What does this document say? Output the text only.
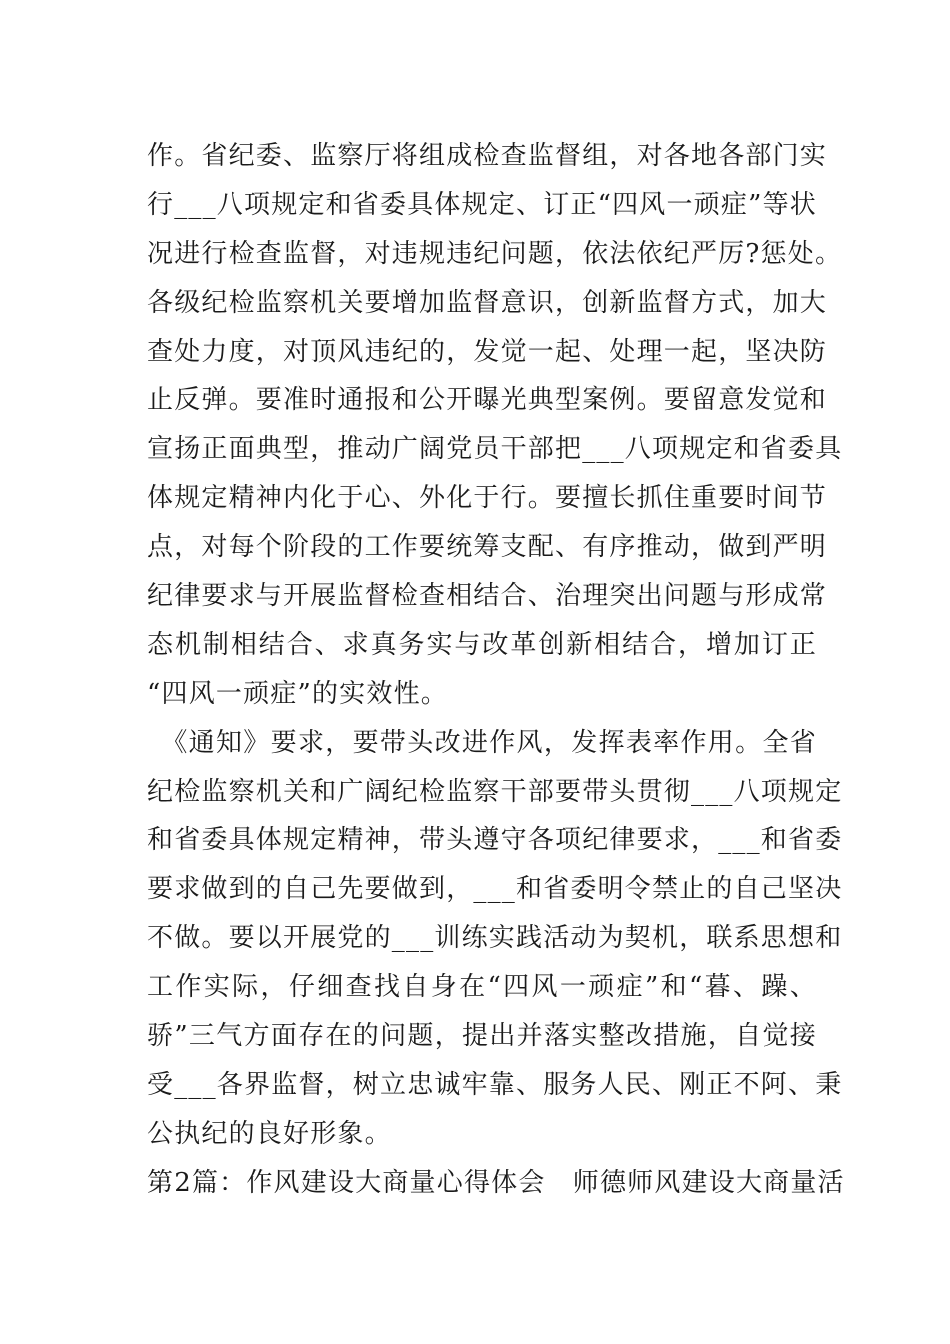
作。省纪委、监察厅将组成检查监督组，对各地各部门实
行___八项规定和省委具体规定、订正“四风一顽症”等状
况进行检查监督，对违规违纪问题，依法依纪严厉?惩处。
各级纪检监察机关要增加监督意识，创新监督方式，加大
查处力度，对顶风违纪的，发觉一起、处理一起，坚决防
止反弹。要准时通报和公开曝光典型案例。要留意发觉和
宣扬正面典型，推动广阔党员干部把___八项规定和省委具
体规定精神内化于心、外化于行。要擅长抓住重要时间节
点，对每个阶段的工作要统筹支配、有序推动，做到严明
纪律要求与开展监督检查相结合、治理突出问题与形成常
态机制相结合、求真务实与改革创新相结合，增加订正
“四风一顽症”的实效性。
　《通知》要求，要带头改进作风，发挥表率作用。全省
纪检监察机关和广阔纪检监察干部要带头贯彻___八项规定
和省委具体规定精神，带头遵守各项纪律要求，___和省委
要求做到的自己先要做到，___和省委明令禁止的自己坚决
不做。要以开展党的___训练实践活动为契机，联系思想和
工作实际，仔细查找自身在“四风一顽症”和“暮、躁、
骄”三气方面存在的问题，提出并落实整改措施，自觉接
受___各界监督，树立忠诚牢靠、服务人民、刚正不阿、秉
公执纪的良好形象。
第2篇：作风建设大商量心得体会　师德师风建设大商量活
